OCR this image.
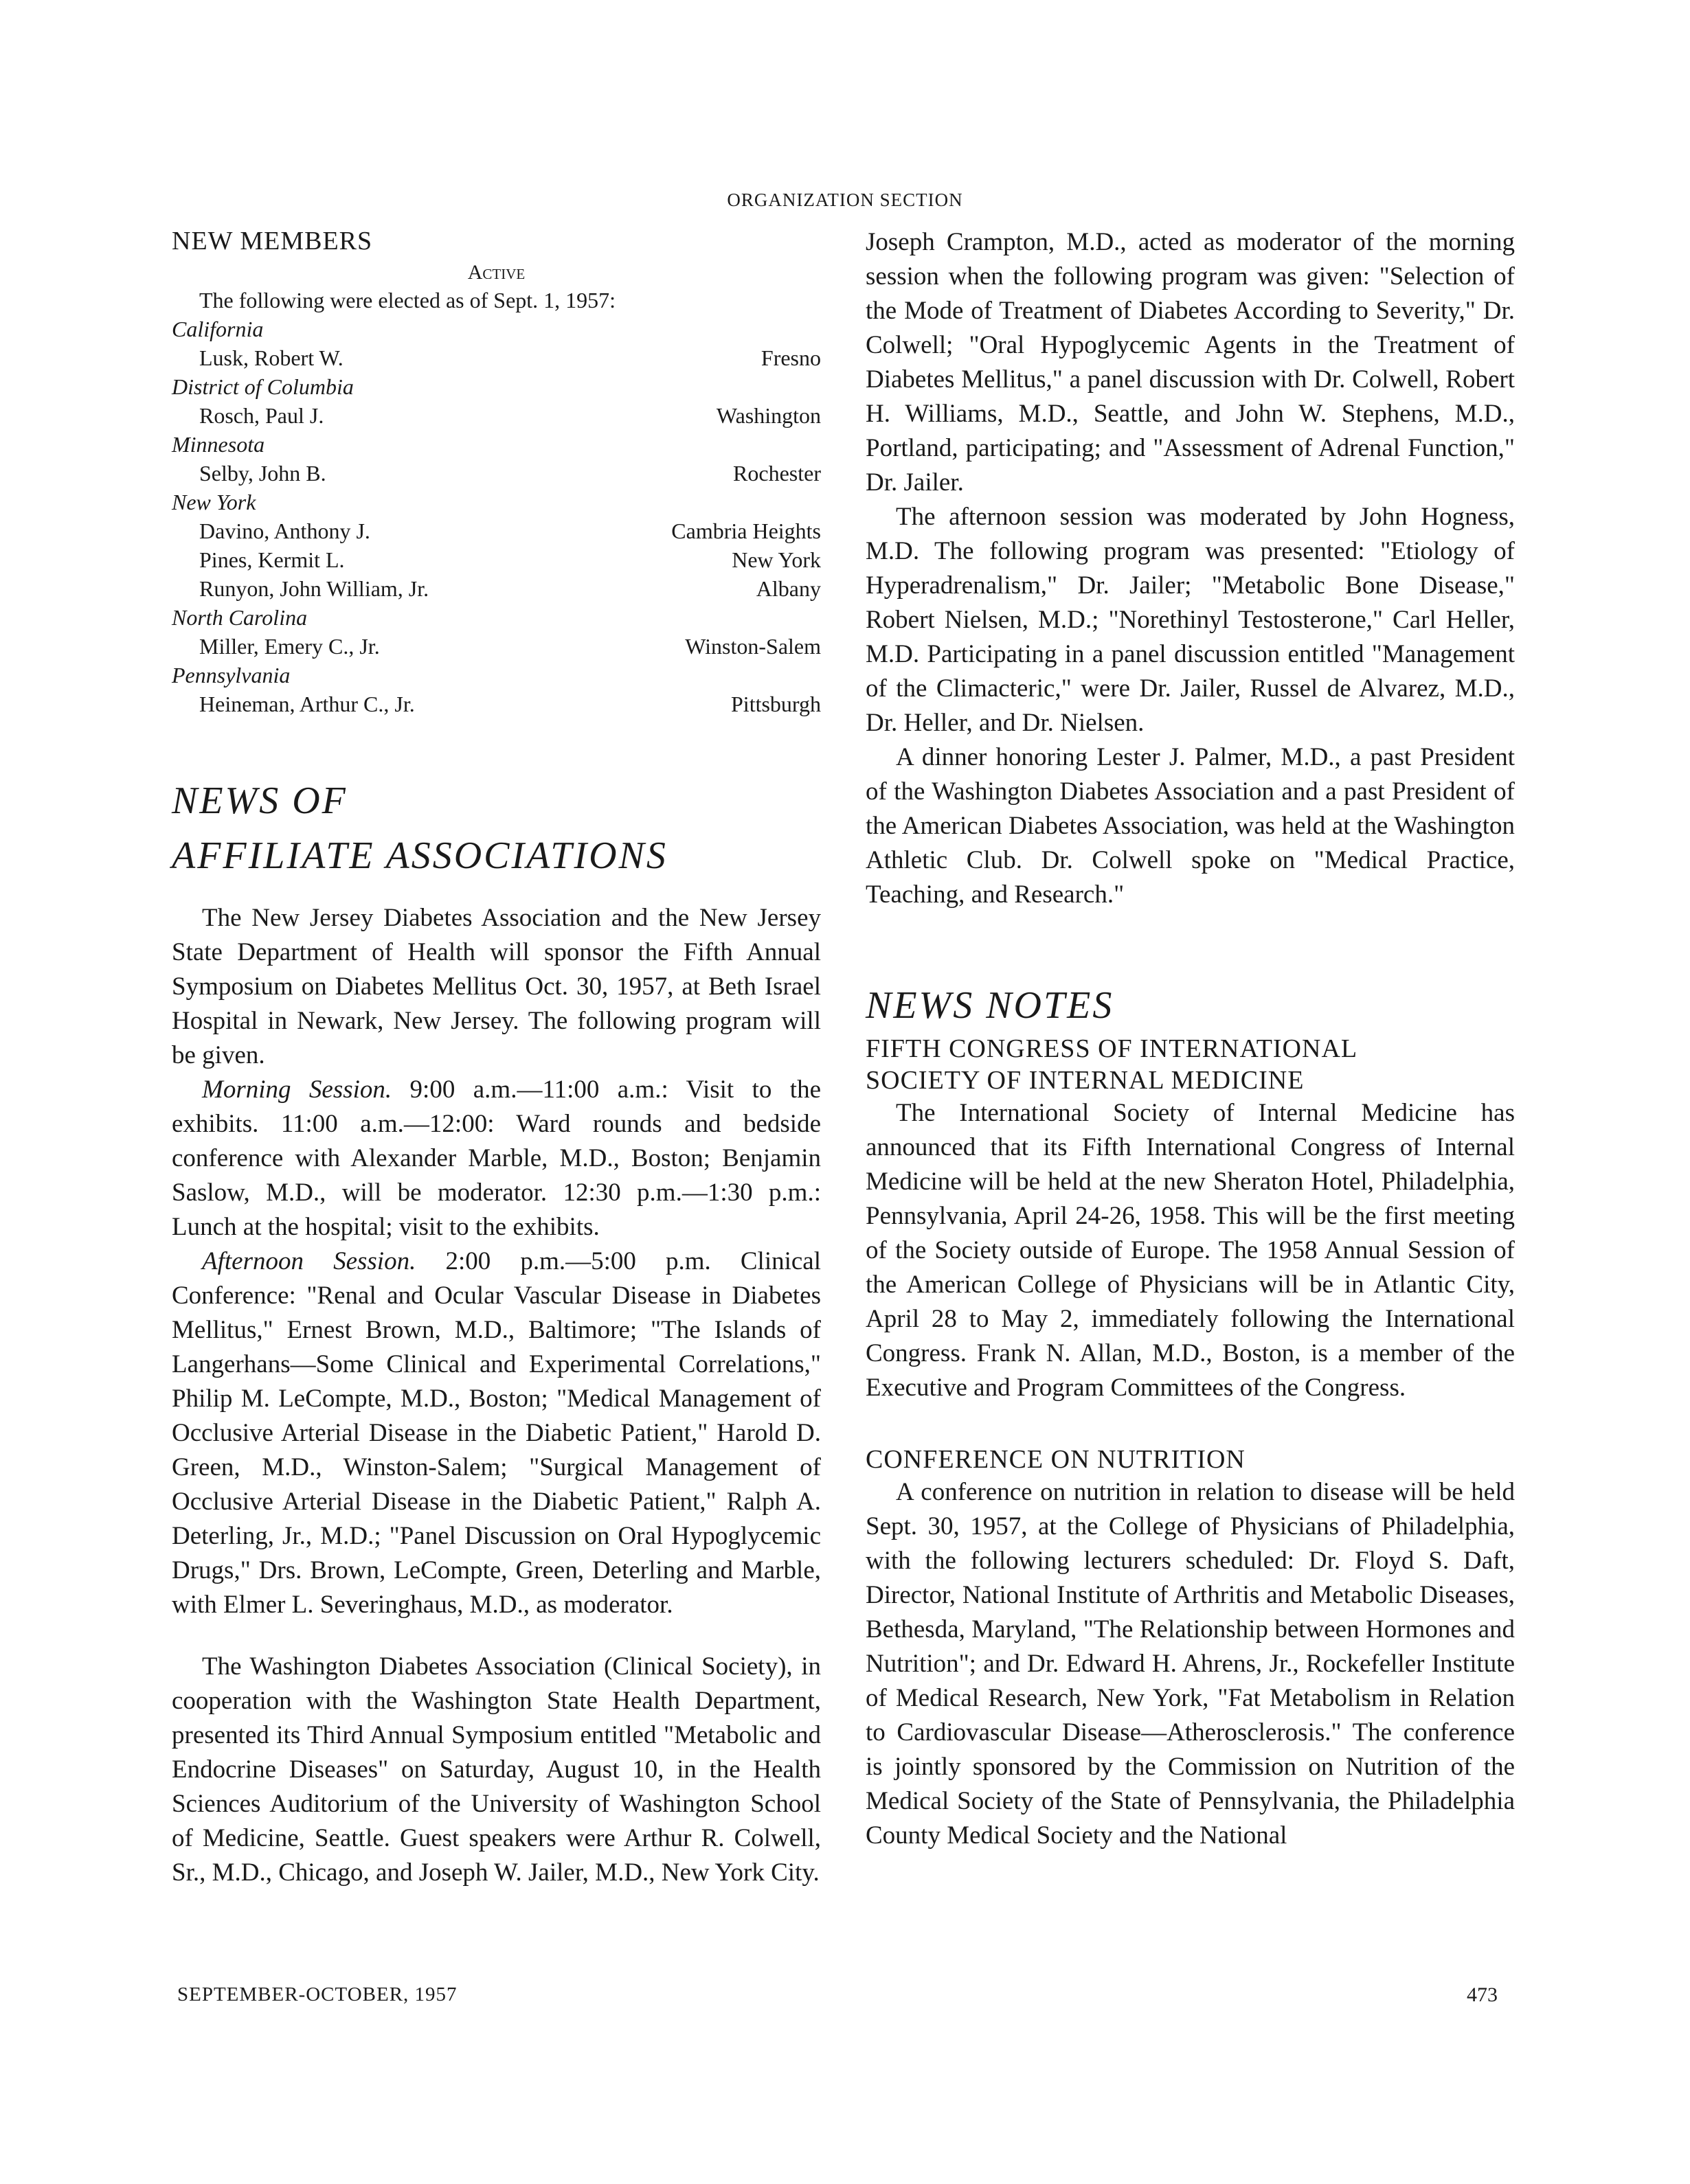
ORGANIZATION SECTION
NEW MEMBERS
Active
The following were elected as of Sept. 1, 1957:
California
Lusk, Robert W.	Fresno
District of Columbia
Rosch, Paul J.	Washington
Minnesota
Selby, John B.	Rochester
New York
Davino, Anthony J.	Cambria Heights
Pines, Kermit L.	New York
Runyon, John William, Jr.	Albany
North Carolina
Miller, Emery C., Jr.	Winston-Salem
Pennsylvania
Heineman, Arthur C., Jr.	Pittsburgh
NEWS OF
AFFILIATE ASSOCIATIONS

The New Jersey Diabetes Association and the New Jersey State Department of Health will sponsor the Fifth Annual Symposium on Diabetes Mellitus Oct. 30, 1957, at Beth Israel Hospital in Newark, New Jersey. The following program will be given.

Morning Session. 9:00 a.m.—11:00 a.m.: Visit to the exhibits. 11:00 a.m.—12:00: Ward rounds and bedside conference with Alexander Marble, M.D., Boston; Benjamin Saslow, M.D., will be moderator. 12:30 p.m.—1:30 p.m.: Lunch at the hospital; visit to the exhibits.

Afternoon Session. 2:00 p.m.—5:00 p.m. Clinical Conference: "Renal and Ocular Vascular Disease in Diabetes Mellitus," Ernest Brown, M.D., Baltimore; "The Islands of Langerhans—Some Clinical and Experimental Correlations," Philip M. LeCompte, M.D., Boston; "Medical Management of Occlusive Arterial Disease in the Diabetic Patient," Harold D. Green, M.D., Winston-Salem; "Surgical Management of Occlusive Arterial Disease in the Diabetic Patient," Ralph A. Deterling, Jr., M.D.; "Panel Discussion on Oral Hypoglycemic Drugs," Drs. Brown, LeCompte, Green, Deterling and Marble, with Elmer L. Severinghaus, M.D., as moderator.

The Washington Diabetes Association (Clinical Society), in cooperation with the Washington State Health Department, presented its Third Annual Symposium entitled "Metabolic and Endocrine Diseases" on Saturday, August 10, in the Health Sciences Auditorium of the University of Washington School of Medicine, Seattle. Guest speakers were Arthur R. Colwell, Sr., M.D., Chicago, and Joseph W. Jailer, M.D., New York City.

Joseph Crampton, M.D., acted as moderator of the morning session when the following program was given: "Selection of the Mode of Treatment of Diabetes According to Severity," Dr. Colwell; "Oral Hypoglycemic Agents in the Treatment of Diabetes Mellitus," a panel discussion with Dr. Colwell, Robert H. Williams, M.D., Seattle, and John W. Stephens, M.D., Portland, participating; and "Assessment of Adrenal Function," Dr. Jailer.

The afternoon session was moderated by John Hogness, M.D. The following program was presented: "Etiology of Hyperadrenalism," Dr. Jailer; "Metabolic Bone Disease," Robert Nielsen, M.D.; "Norethinyl Testosterone," Carl Heller, M.D. Participating in a panel discussion entitled "Management of the Climacteric," were Dr. Jailer, Russel de Alvarez, M.D., Dr. Heller, and Dr. Nielsen.

A dinner honoring Lester J. Palmer, M.D., a past President of the Washington Diabetes Association and a past President of the American Diabetes Association, was held at the Washington Athletic Club. Dr. Colwell spoke on "Medical Practice, Teaching, and Research."

NEWS NOTES
FIFTH CONGRESS OF INTERNATIONAL
SOCIETY OF INTERNAL MEDICINE

The International Society of Internal Medicine has announced that its Fifth International Congress of Internal Medicine will be held at the new Sheraton Hotel, Philadelphia, Pennsylvania, April 24-26, 1958. This will be the first meeting of the Society outside of Europe. The 1958 Annual Session of the American College of Physicians will be in Atlantic City, April 28 to May 2, immediately following the International Congress. Frank N. Allan, M.D., Boston, is a member of the Executive and Program Committees of the Congress.

CONFERENCE ON NUTRITION

A conference on nutrition in relation to disease will be held Sept. 30, 1957, at the College of Physicians of Philadelphia, with the following lecturers scheduled: Dr. Floyd S. Daft, Director, National Institute of Arthritis and Metabolic Diseases, Bethesda, Maryland, "The Relationship between Hormones and Nutrition"; and Dr. Edward H. Ahrens, Jr., Rockefeller Institute of Medical Research, New York, "Fat Metabolism in Relation to Cardiovascular Disease—Atherosclerosis." The conference is jointly sponsored by the Commission on Nutrition of the Medical Society of the State of Pennsylvania, the Philadelphia County Medical Society and the National

SEPTEMBER-OCTOBER, 1957	473
